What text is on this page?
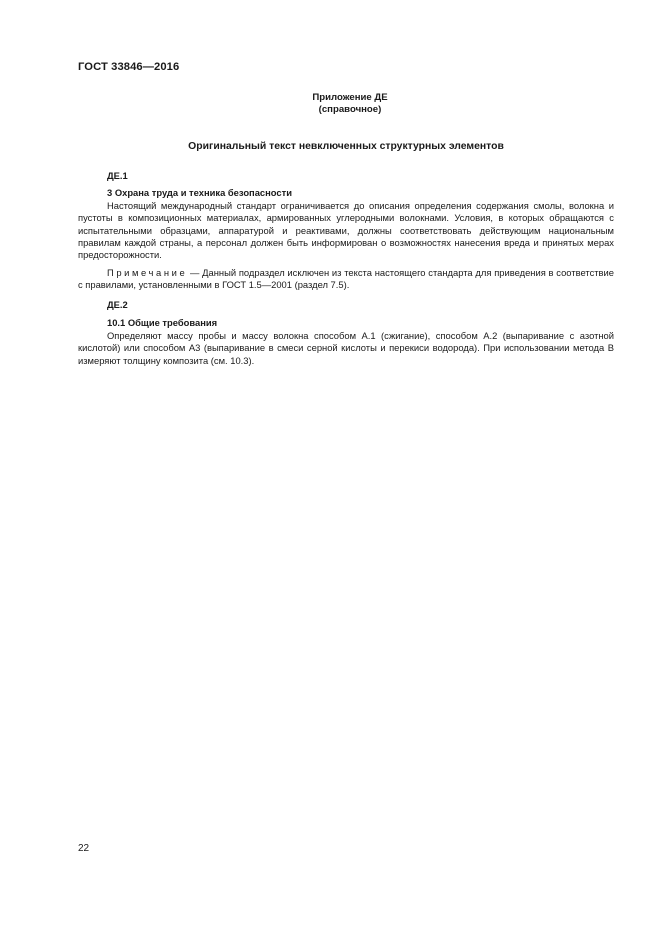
ГОСТ 33846—2016
Приложение ДЕ
(справочное)
Оригинальный текст невключенных структурных элементов
ДЕ.1
3 Охрана труда и техника безопасности

Настоящий международный стандарт ограничивается до описания определения содержания смолы, волокна и пустоты в композиционных материалах, армированных углеродными волокнами. Условия, в которых обращаются с испытательными образцами, аппаратурой и реактивами, должны соответствовать действующим национальным правилам каждой страны, а персонал должен быть информирован о возможностях нанесения вреда и принятых мерах предосторожности.

Примечание — Данный подраздел исключен из текста настоящего стандарта для приведения в соответствие с правилами, установленными в ГОСТ 1.5—2001 (раздел 7.5).

ДЕ.2
10.1 Общие требования

Определяют массу пробы и массу волокна способом А.1 (сжигание), способом А.2 (выпаривание с азотной кислотой) или способом А3 (выпаривание в смеси серной кислоты и перекиси водорода). При использовании метода В измеряют толщину композита (см. 10.3).

22
